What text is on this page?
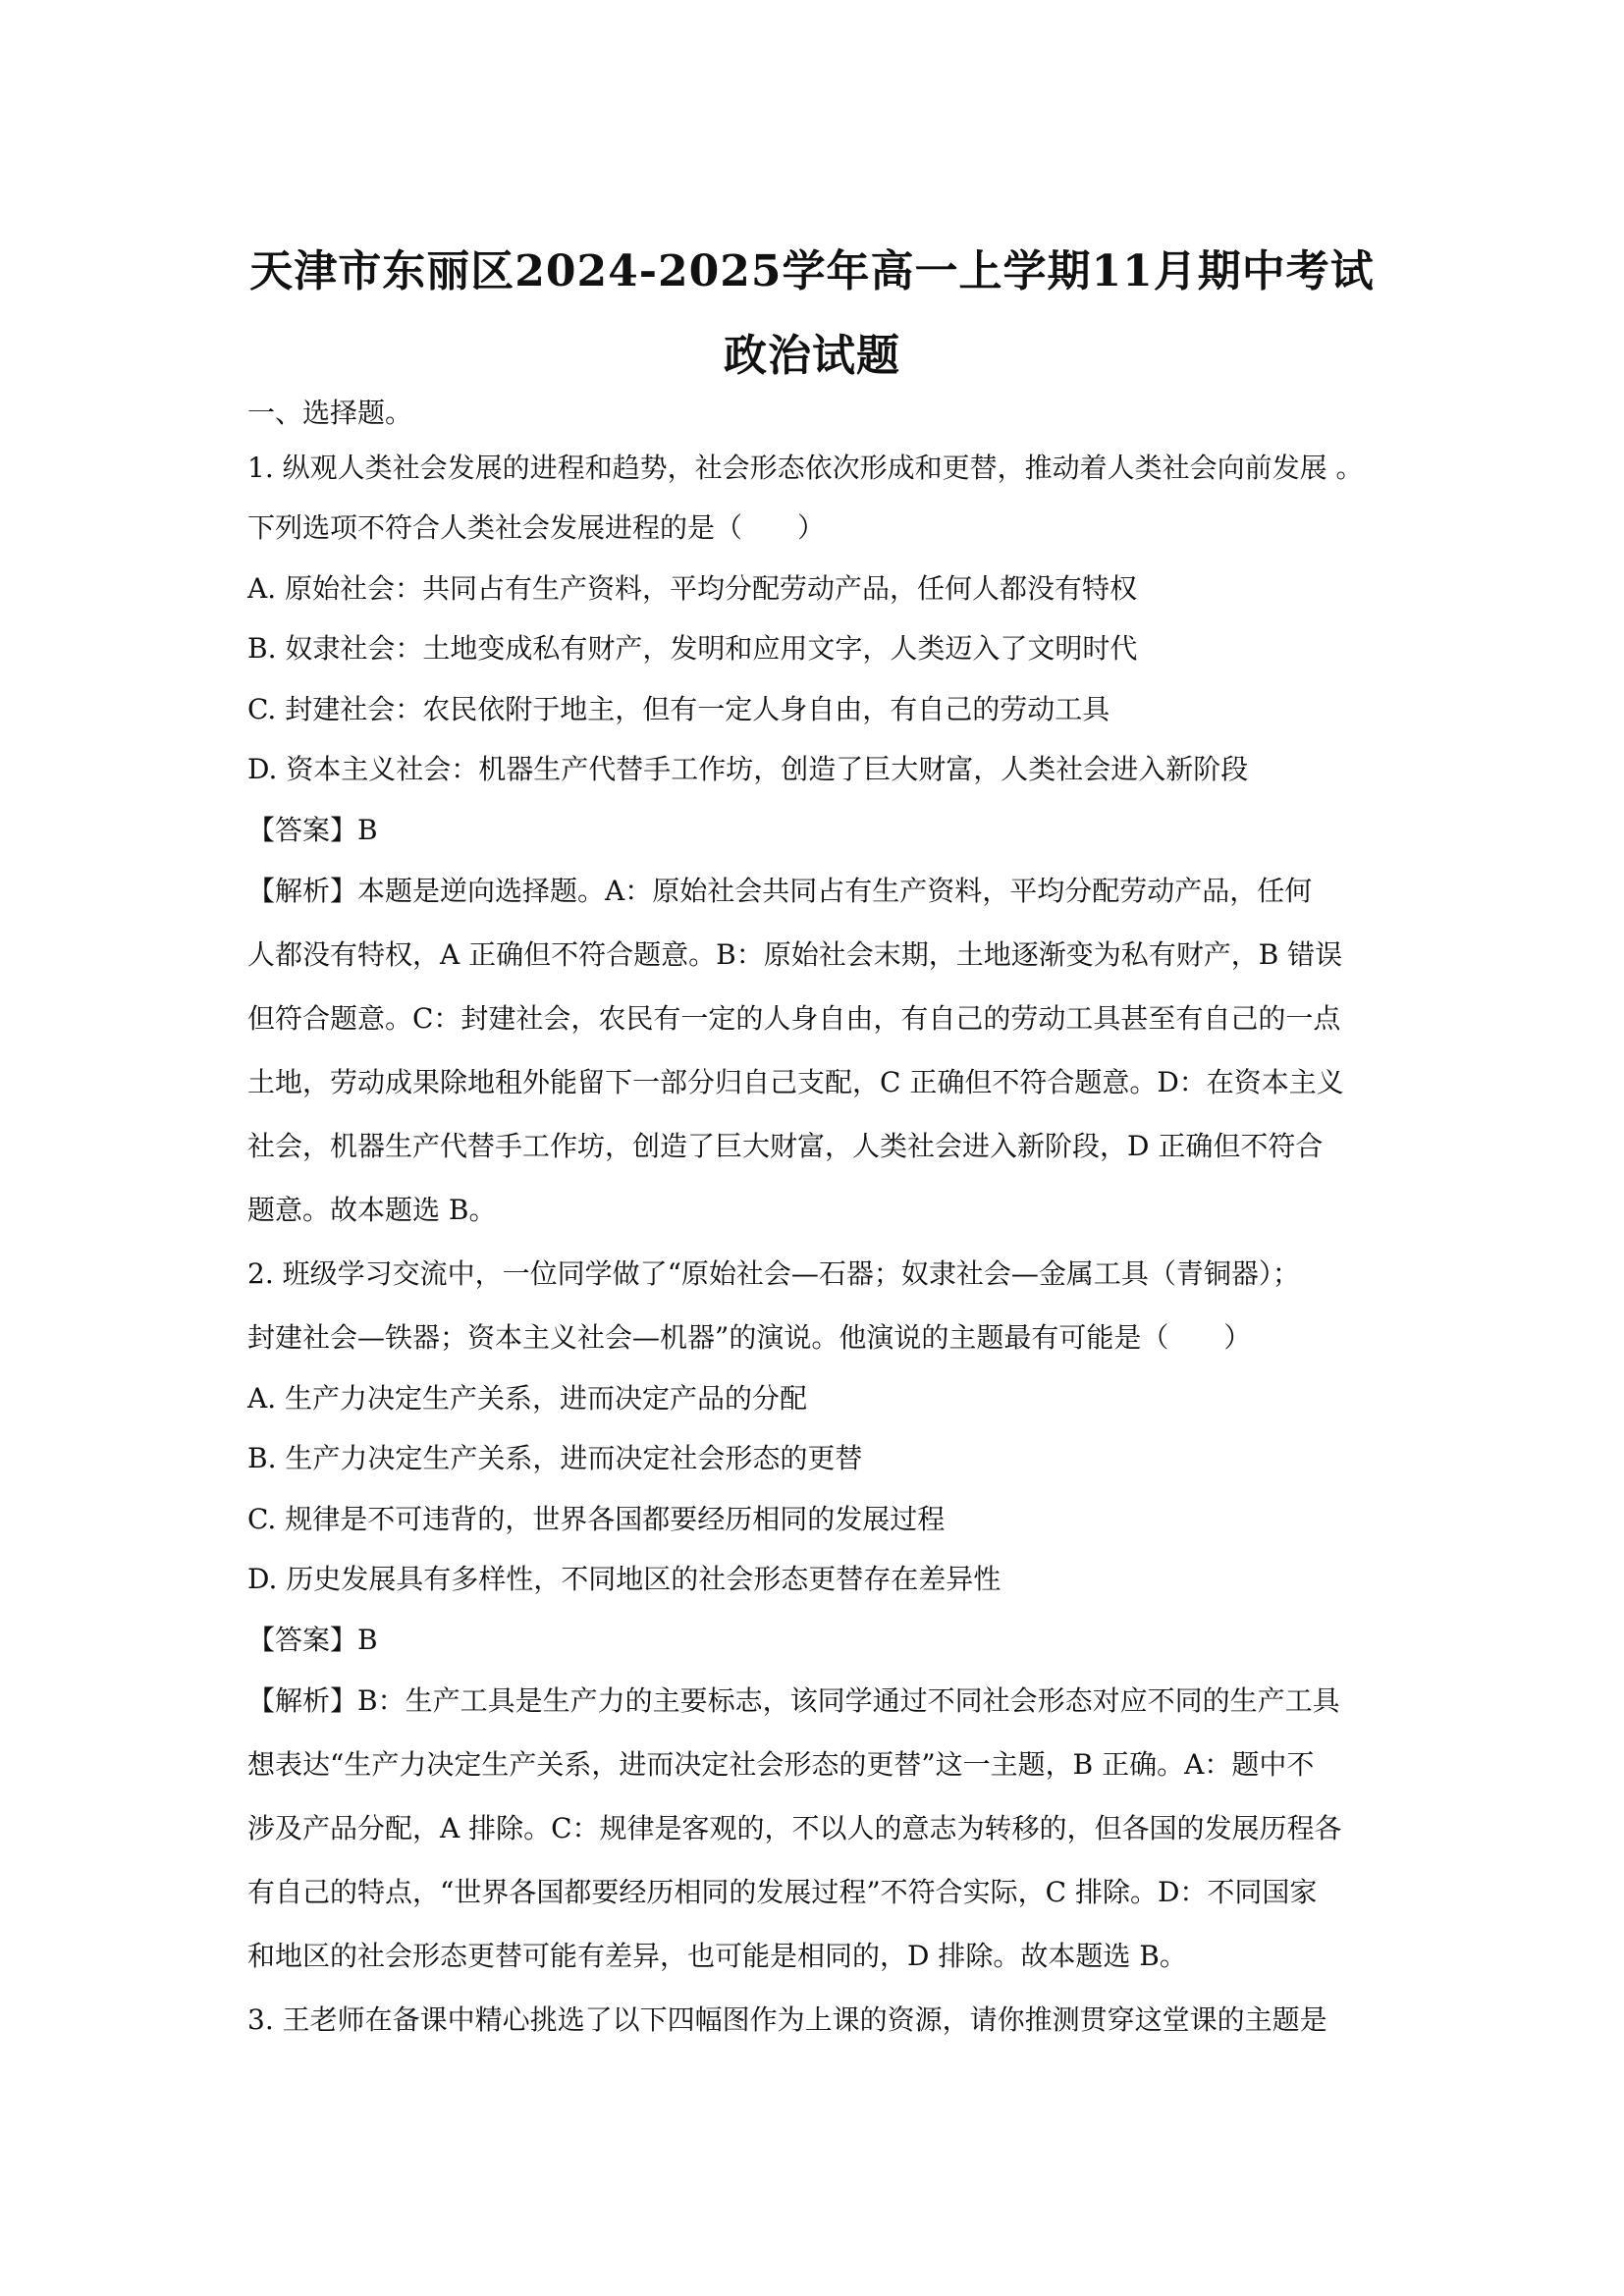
天津市东丽区2024-2025学年高一上学期11月期中考试
政治试题
一、选择题。
1. 纵观人类社会发展的进程和趋势，社会形态依次形成和更替，推动着人类社会向前发展 。
下列选项不符合人类社会发展进程的是（　　）
A. 原始社会：共同占有生产资料，平均分配劳动产品，任何人都没有特权
B. 奴隶社会：土地变成私有财产，发明和应用文字，人类迈入了文明时代
C. 封建社会：农民依附于地主，但有一定人身自由，有自己的劳动工具
D. 资本主义社会：机器生产代替手工作坊，创造了巨大财富，人类社会进入新阶段
【答案】B
【解析】本题是逆向选择题。A：原始社会共同占有生产资料，平均分配劳动产品，任何
人都没有特权，A 正确但不符合题意。B：原始社会末期，土地逐渐变为私有财产，B 错误
但符合题意。C：封建社会，农民有一定的人身自由，有自己的劳动工具甚至有自己的一点
土地，劳动成果除地租外能留下一部分归自己支配，C 正确但不符合题意。D：在资本主义
社会，机器生产代替手工作坊，创造了巨大财富，人类社会进入新阶段，D 正确但不符合
题意。故本题选 B。
2. 班级学习交流中，一位同学做了“原始社会—石器；奴隶社会—金属工具（青铜器）；
封建社会—铁器；资本主义社会—机器”的演说。他演说的主题最有可能是（　　）
A. 生产力决定生产关系，进而决定产品的分配
B. 生产力决定生产关系，进而决定社会形态的更替
C. 规律是不可违背的，世界各国都要经历相同的发展过程
D. 历史发展具有多样性，不同地区的社会形态更替存在差异性
【答案】B
【解析】B：生产工具是生产力的主要标志，该同学通过不同社会形态对应不同的生产工具
想表达“生产力决定生产关系，进而决定社会形态的更替”这一主题，B 正确。A：题中不
涉及产品分配，A 排除。C：规律是客观的，不以人的意志为转移的，但各国的发展历程各
有自己的特点，“世界各国都要经历相同的发展过程”不符合实际，C 排除。D：不同国家
和地区的社会形态更替可能有差异，也可能是相同的，D 排除。故本题选 B。
3. 王老师在备课中精心挑选了以下四幅图作为上课的资源，请你推测贯穿这堂课的主题是
